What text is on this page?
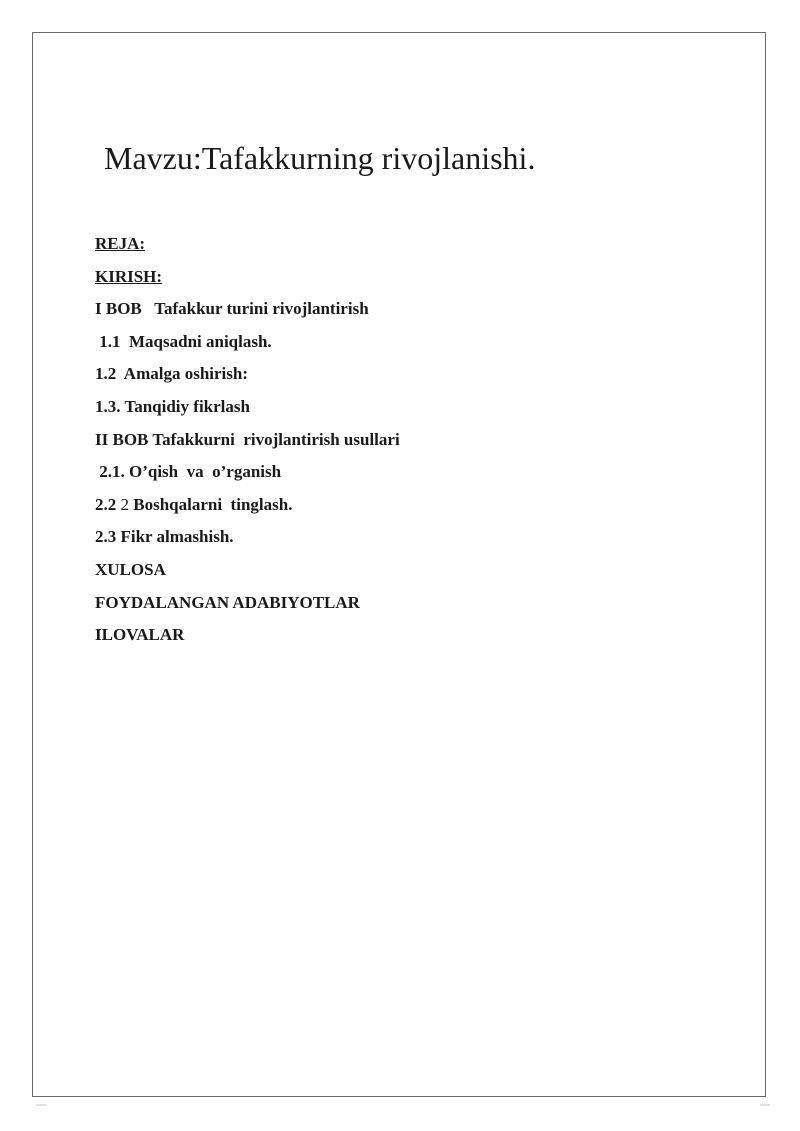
Mavzu:Tafakkurning rivojlanishi.
REJA:
KIRISH:
I BOB   Tafakkur turini rivojlantirish
1.1  Maqsadni aniqlash.
1.2  Amalga oshirish:
1.3. Tanqidiy fikrlash
II BOB Tafakkurni  rivojlantirish usullari
2.1. O’qish  va  o’rganish
2.2 2 Boshqalarni  tinglash.
2.3 Fikr almashish.
XULOSA
FOYDALANGAN ADABIYOTLAR
ILOVALAR
